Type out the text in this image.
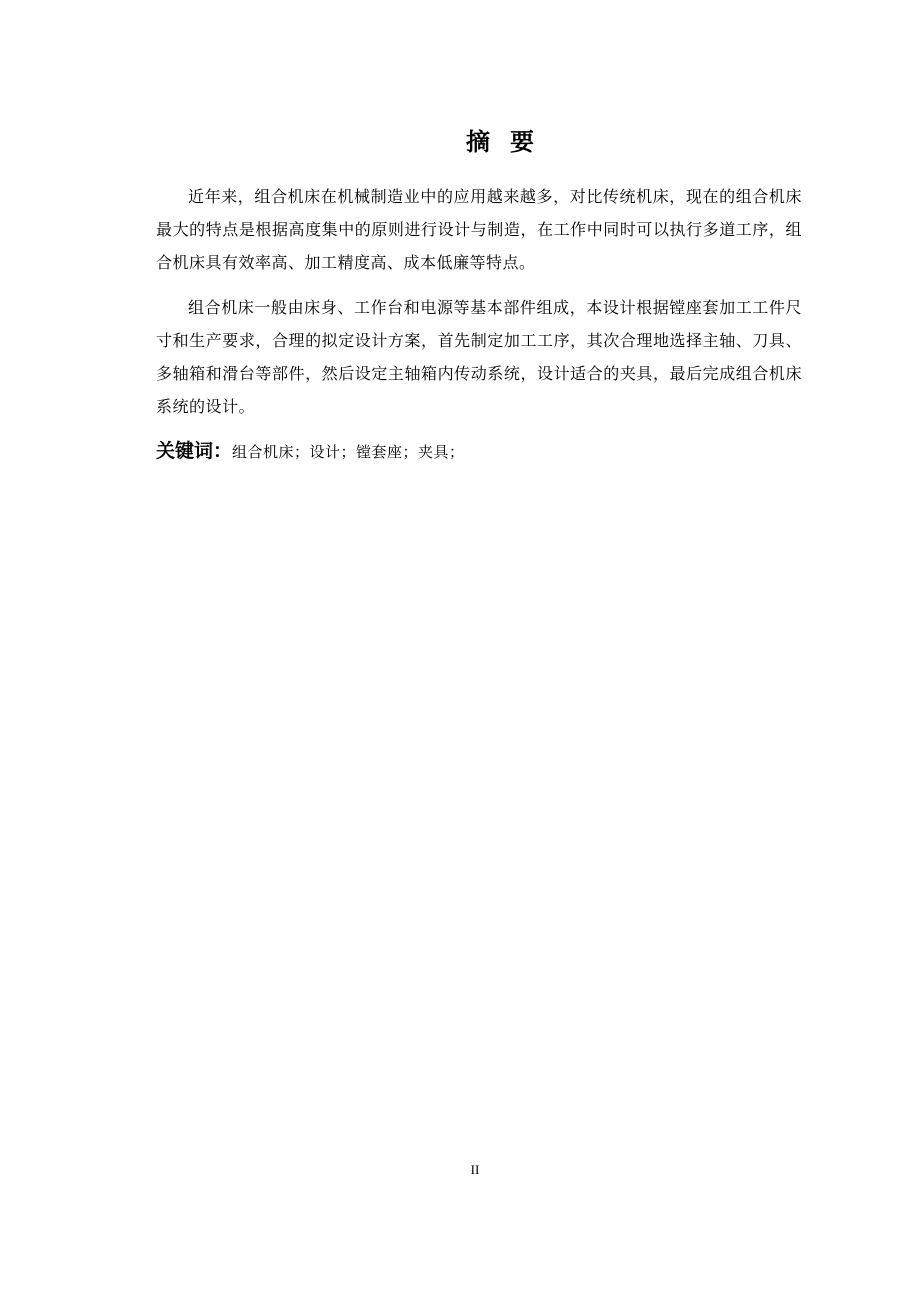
摘要

近年来，组合机床在机械制造业中的应用越来越多，对比传统机床，现在的组合机床最大的特点是根据高度集中的原则进行设计与制造，在工作中同时可以执行多道工序，组合机床具有效率高、加工精度高、成本低廉等特点。

组合机床一般由床身、工作台和电源等基本部件组成，本设计根据镗座套加工工件尺寸和生产要求，合理的拟定设计方案，首先制定加工工序，其次合理地选择主轴、刀具、多轴箱和滑台等部件，然后设定主轴箱内传动系统，设计适合的夹具，最后完成组合机床系统的设计。

关键词：组合机床；设计；镗套座；夹具；
II
